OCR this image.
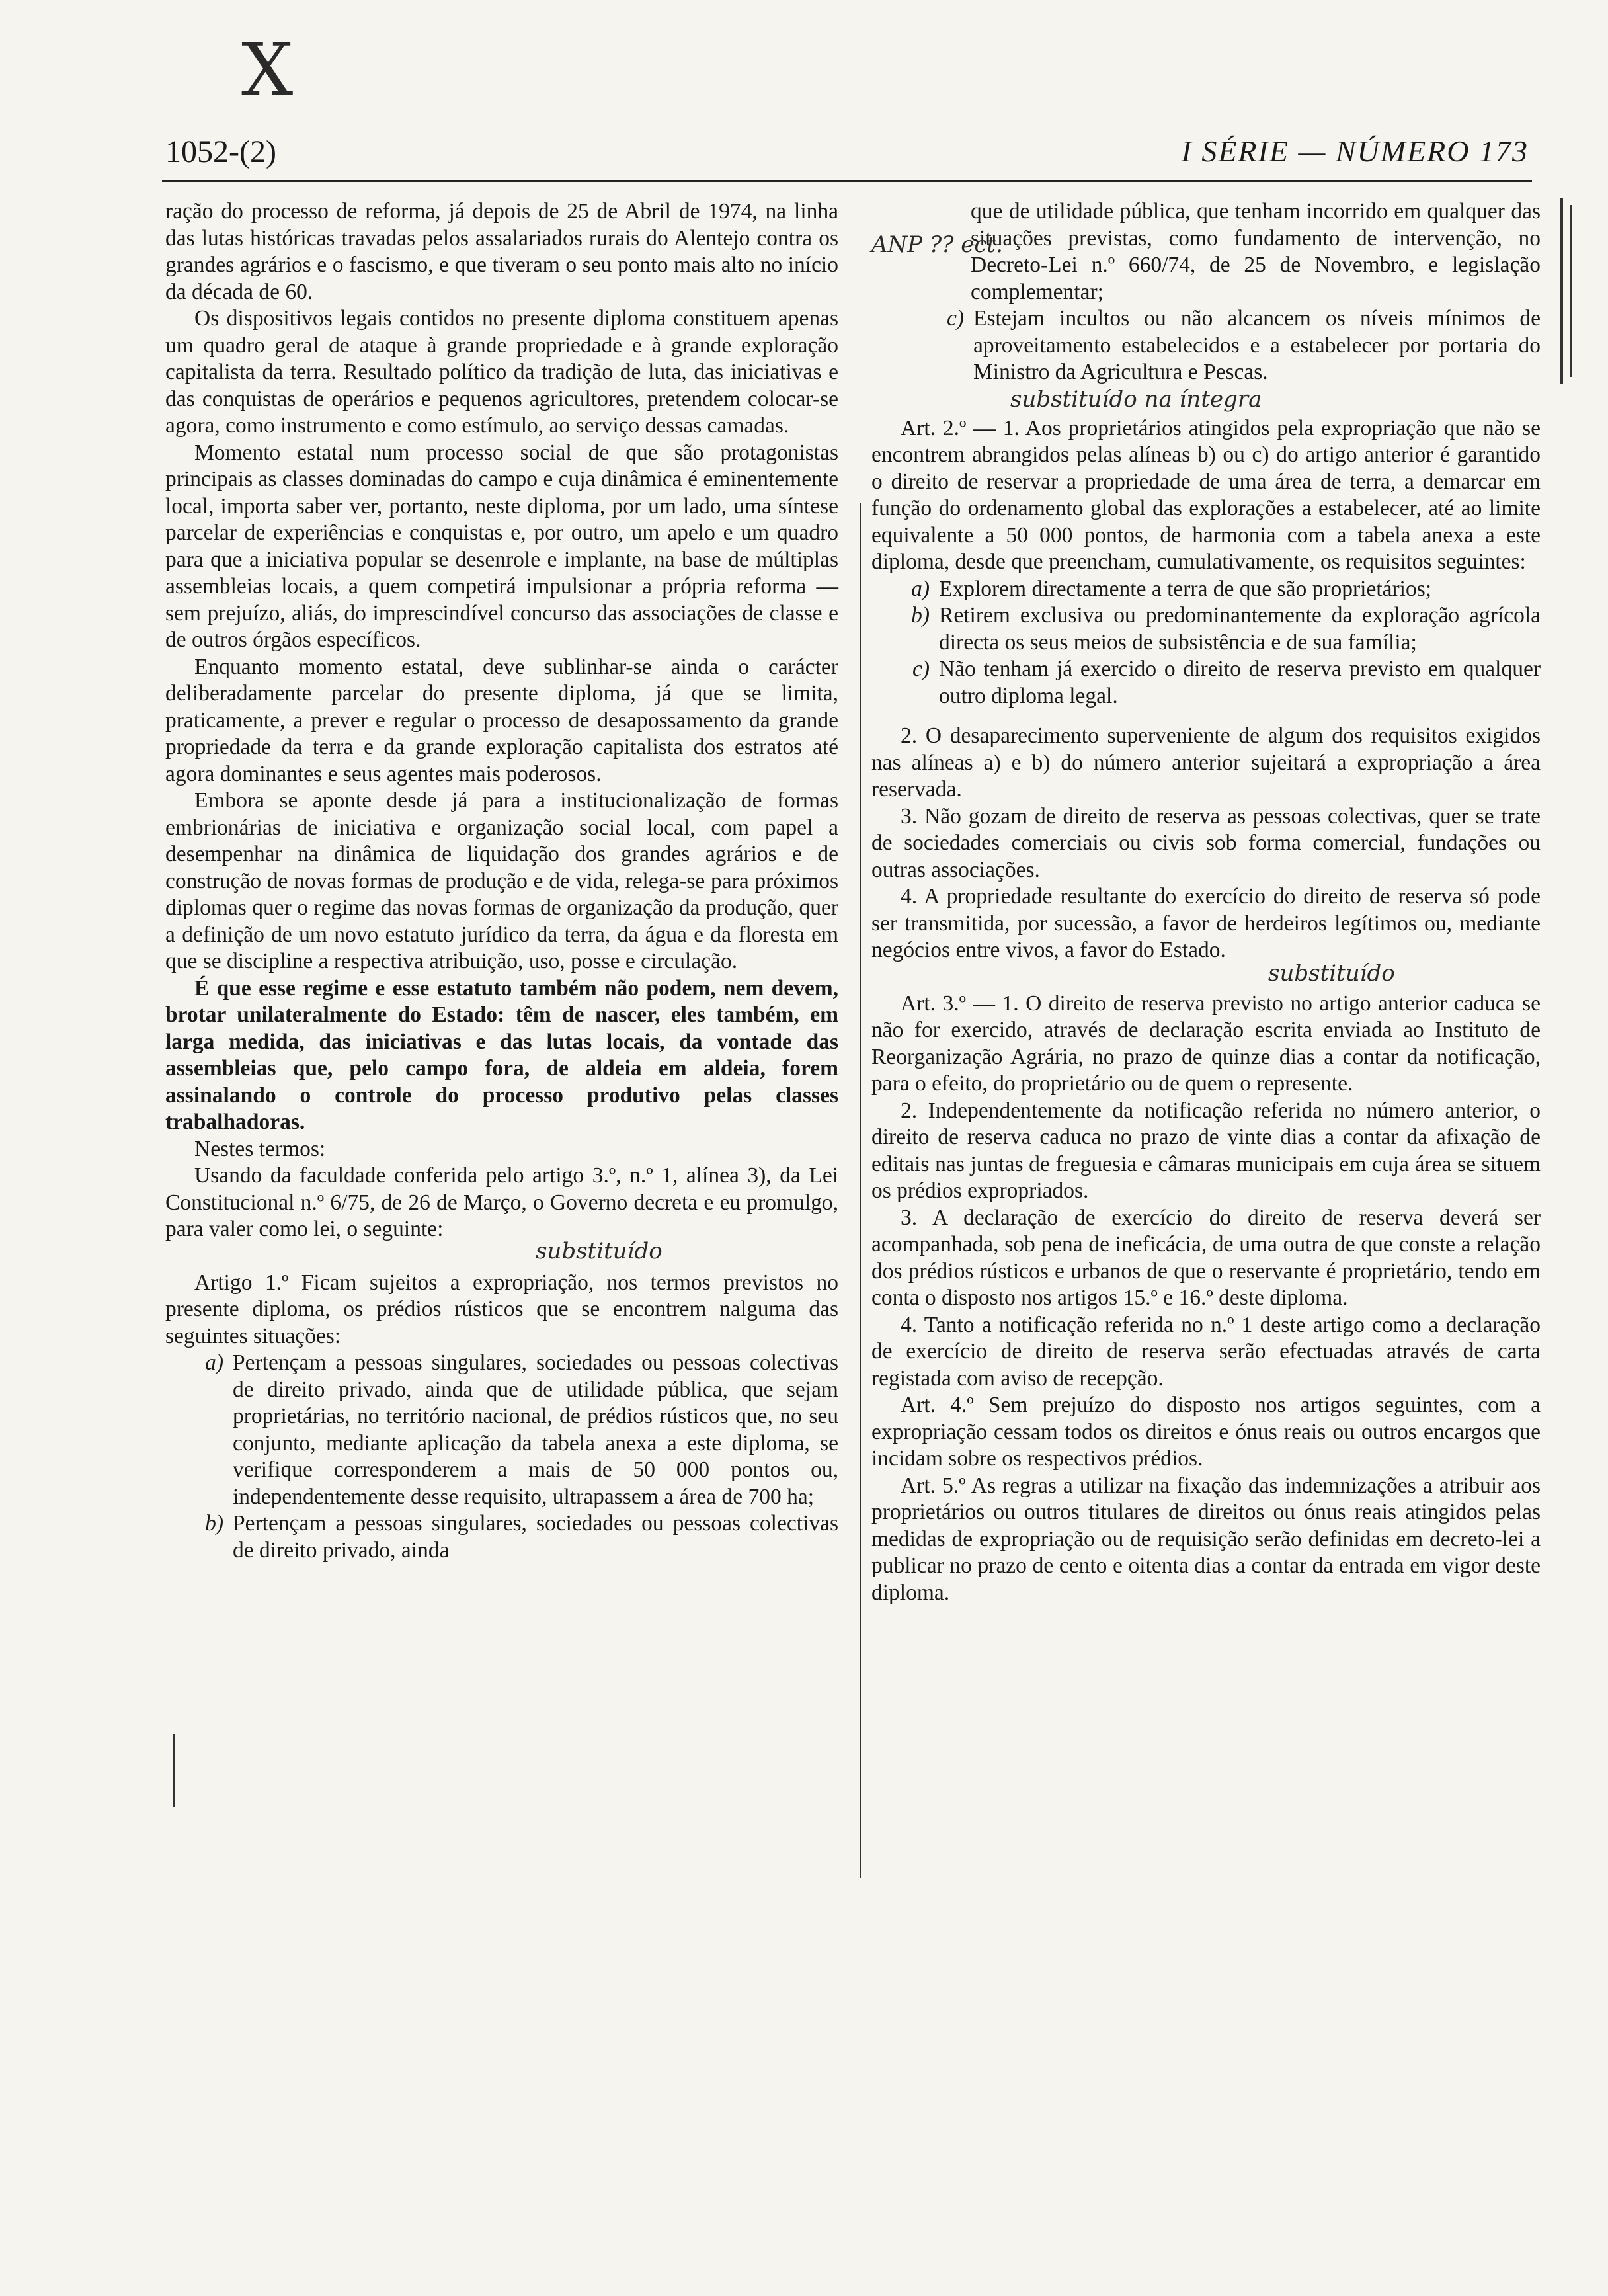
X
1052-(2)	I SÉRIE — NÚMERO 173

ração do processo de reforma, já depois de 25 de Abril de 1974, na linha das lutas históricas travadas pelos assalariados rurais do Alentejo contra os grandes agrários e o fascismo, e que tiveram o seu ponto mais alto no início da década de 60.

Os dispositivos legais contidos no presente diploma constituem apenas um quadro geral de ataque à grande propriedade e à grande exploração capitalista da terra. Resultado político da tradição de luta, das iniciativas e das conquistas de operários e pequenos agricultores, pretendem colocar-se agora, como instrumento e como estímulo, ao serviço dessas camadas.

Momento estatal num processo social de que são protagonistas principais as classes dominadas do campo e cuja dinâmica é eminentemente local, importa saber ver, portanto, neste diploma, por um lado, uma síntese parcelar de experiências e conquistas e, por outro, um apelo e um quadro para que a iniciativa popular se desenrole e implante, na base de múltiplas assembleias locais, a quem competirá impulsionar a própria reforma — sem prejuízo, aliás, do imprescindível concurso das associações de classe e de outros órgãos específicos.

Enquanto momento estatal, deve sublinhar-se ainda o carácter deliberadamente parcelar do presente diploma, já que se limita, praticamente, a prever e regular o processo de desapossamento da grande propriedade da terra e da grande exploração capitalista dos estratos até agora dominantes e seus agentes mais poderosos.

Embora se aponte desde já para a institucionalização de formas embrionárias de iniciativa e organização social local, com papel a desempenhar na dinâmica de liquidação dos grandes agrários e de construção de novas formas de produção e de vida, relega-se para próximos diplomas quer o regime das novas formas de organização da produção, quer a definição de um novo estatuto jurídico da terra, da água e da floresta em que se discipline a respectiva atribuição, uso, posse e circulação.

É que esse regime e esse estatuto também não podem, nem devem, brotar unilateralmente do Estado: têm de nascer, eles também, em larga medida, das iniciativas e das lutas locais, da vontade das assembleias que, pelo campo fora, de aldeia em aldeia, forem assinalando o controle do processo produtivo pelas classes trabalhadoras.

Nestes termos:

Usando da faculdade conferida pelo artigo 3.º, n.º 1, alínea 3), da Lei Constitucional n.º 6/75, de 26 de Março, o Governo decreta e eu promulgo, para valer como lei, o seguinte:

substituído

Artigo 1.º Ficam sujeitos a expropriação, nos termos previstos no presente diploma, os prédios rústicos que se encontrem nalguma das seguintes situações:

a) Pertençam a pessoas singulares, sociedades ou pessoas colectivas de direito privado, ainda que de utilidade pública, que sejam proprietárias, no território nacional, de prédios rústicos que, no seu conjunto, mediante aplicação da tabela anexa a este diploma, se verifique corresponderem a mais de 50 000 pontos ou, independentemente desse requisito, ultrapassem a área de 700 ha;
b) Pertençam a pessoas singulares, sociedades ou pessoas colectivas de direito privado, ainda
ANP ?? ect.
que de utilidade pública, que tenham incorrido em qualquer das situações previstas, como fundamento de intervenção, no Decreto-Lei n.º 660/74, de 25 de Novembro, e legislação complementar;
c) Estejam incultos ou não alcancem os níveis mínimos de aproveitamento estabelecidos e a estabelecer por portaria do Ministro da Agricultura e Pescas.
substituído na íntegra

Art. 2.º — 1. Aos proprietários atingidos pela expropriação que não se encontrem abrangidos pelas alíneas b) ou c) do artigo anterior é garantido o direito de reservar a propriedade de uma área de terra, a demarcar em função do ordenamento global das explorações a estabelecer, até ao limite equivalente a 50 000 pontos, de harmonia com a tabela anexa a este diploma, desde que preencham, cumulativamente, os requisitos seguintes:

a) Explorem directamente a terra de que são proprietários;
b) Retirem exclusiva ou predominantemente da exploração agrícola directa os seus meios de subsistência e de sua família;
c) Não tenham já exercido o direito de reserva previsto em qualquer outro diploma legal.

2. O desaparecimento superveniente de algum dos requisitos exigidos nas alíneas a) e b) do número anterior sujeitará a expropriação a área reservada.

3. Não gozam de direito de reserva as pessoas colectivas, quer se trate de sociedades comerciais ou civis sob forma comercial, fundações ou outras associações.

4. A propriedade resultante do exercício do direito de reserva só pode ser transmitida, por sucessão, a favor de herdeiros legítimos ou, mediante negócios entre vivos, a favor do Estado.

substituído

Art. 3.º — 1. O direito de reserva previsto no artigo anterior caduca se não for exercido, através de declaração escrita enviada ao Instituto de Reorganização Agrária, no prazo de quinze dias a contar da notificação, para o efeito, do proprietário ou de quem o represente.

2. Independentemente da notificação referida no número anterior, o direito de reserva caduca no prazo de vinte dias a contar da afixação de editais nas juntas de freguesia e câmaras municipais em cuja área se situem os prédios expropriados.

3. A declaração de exercício do direito de reserva deverá ser acompanhada, sob pena de ineficácia, de uma outra de que conste a relação dos prédios rústicos e urbanos de que o reservante é proprietário, tendo em conta o disposto nos artigos 15.º e 16.º deste diploma.

4. Tanto a notificação referida no n.º 1 deste artigo como a declaração de exercício de direito de reserva serão efectuadas através de carta registada com aviso de recepção.

Art. 4.º Sem prejuízo do disposto nos artigos seguintes, com a expropriação cessam todos os direitos e ónus reais ou outros encargos que incidam sobre os respectivos prédios.

Art. 5.º As regras a utilizar na fixação das indemnizações a atribuir aos proprietários ou outros titulares de direitos ou ónus reais atingidos pelas medidas de expropriação ou de requisição serão definidas em decreto-lei a publicar no prazo de cento e oitenta dias a contar da entrada em vigor deste diploma.
